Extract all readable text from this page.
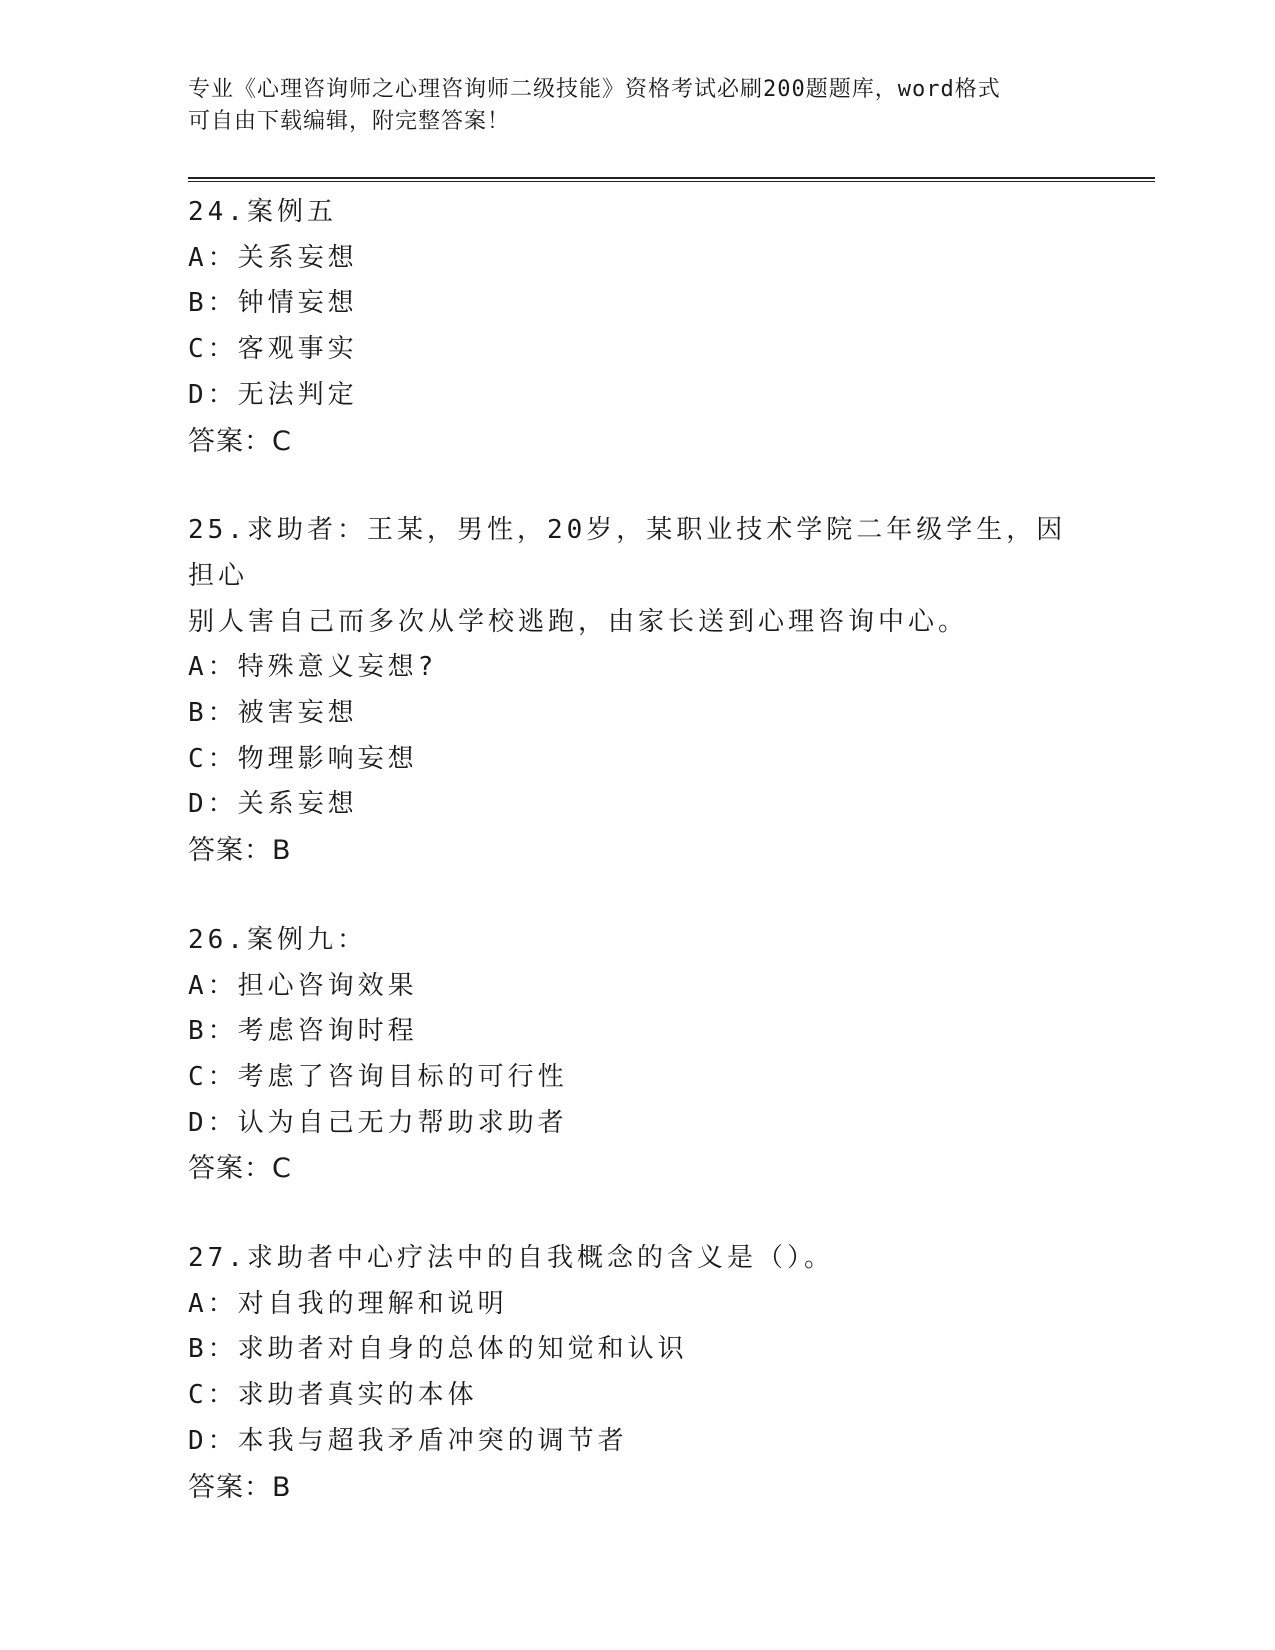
专业《心理咨询师之心理咨询师二级技能》资格考试必刷200题题库，word格式
可自由下载编辑，附完整答案！
24.案例五
A：关系妄想
B：钟情妄想
C：客观事实
D：无法判定
答案：C
25.求助者：王某，男性，20岁，某职业技术学院二年级学生，因担心
别人害自己而多次从学校逃跑，由家长送到心理咨询中心。
A：特殊意义妄想?
B：被害妄想
C：物理影响妄想
D：关系妄想
答案：B
26.案例九：
A：担心咨询效果
B：考虑咨询时程
C：考虑了咨询目标的可行性
D：认为自己无力帮助求助者
答案：C
27.求助者中心疗法中的自我概念的含义是（）。
A：对自我的理解和说明
B：求助者对自身的总体的知觉和认识
C：求助者真实的本体
D：本我与超我矛盾冲突的调节者
答案：B
